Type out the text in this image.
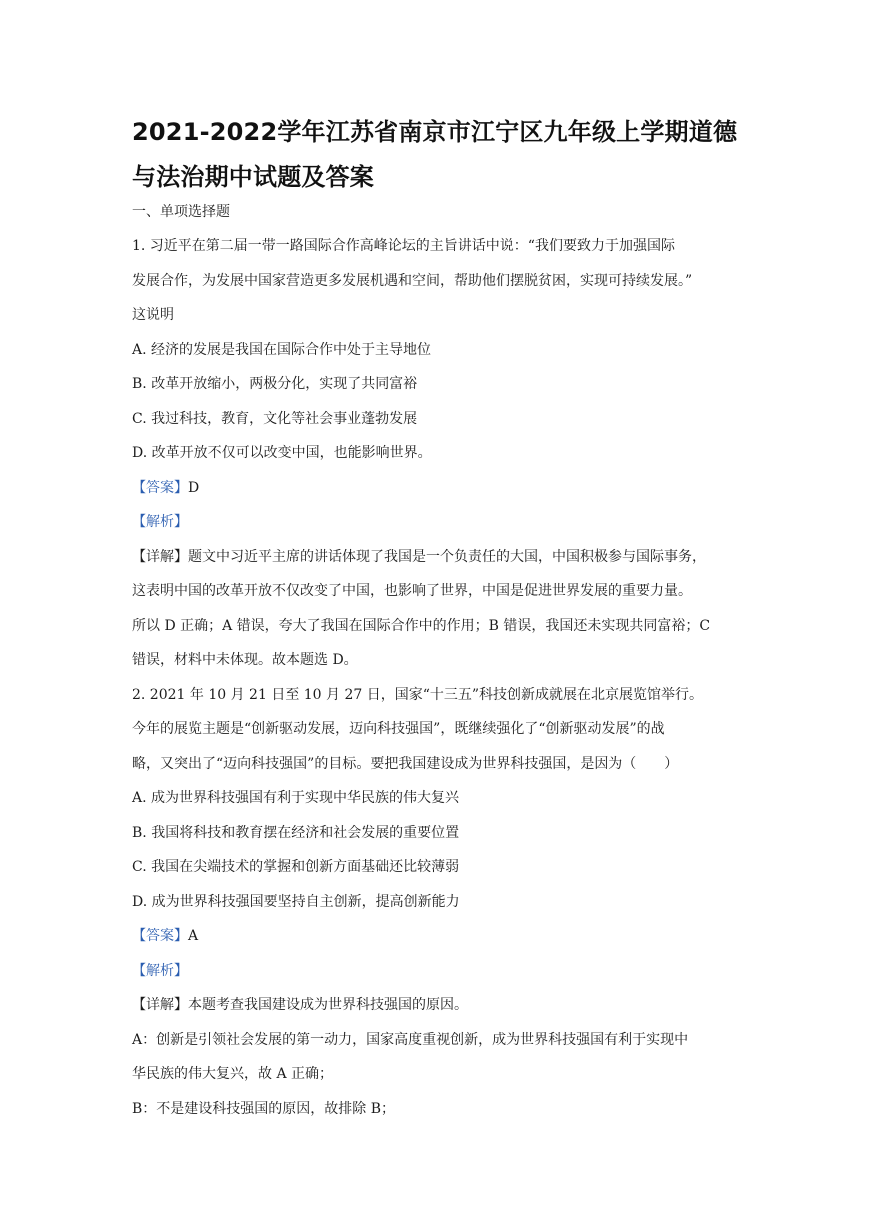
2021-2022学年江苏省南京市江宁区九年级上学期道德与法治期中试题及答案
一、单项选择题
1. 习近平在第二届一带一路国际合作高峰论坛的主旨讲话中说：“我们要致力于加强国际
发展合作，为发展中国家营造更多发展机遇和空间，帮助他们摆脱贫困，实现可持续发展。”
这说明
A. 经济的发展是我国在国际合作中处于主导地位
B. 改革开放缩小，两极分化，实现了共同富裕
C. 我过科技，教育，文化等社会事业蓬勃发展
D. 改革开放不仅可以改变中国，也能影响世界。
【答案】D
【解析】
【详解】题文中习近平主席的讲话体现了我国是一个负责任的大国，中国积极参与国际事务，
这表明中国的改革开放不仅改变了中国，也影响了世界，中国是促进世界发展的重要力量。
所以 D 正确；A 错误，夸大了我国在国际合作中的作用；B 错误，我国还未实现共同富裕；C
错误，材料中未体现。故本题选 D。
2. 2021 年 10 月 21 日至 10 月 27 日，国家“十三五”科技创新成就展在北京展览馆举行。
今年的展览主题是“创新驱动发展，迈向科技强国”，既继续强化了“创新驱动发展”的战
略，又突出了“迈向科技强国”的目标。要把我国建设成为世界科技强国，是因为（　　）
A. 成为世界科技强国有利于实现中华民族的伟大复兴
B. 我国将科技和教育摆在经济和社会发展的重要位置
C. 我国在尖端技术的掌握和创新方面基础还比较薄弱
D. 成为世界科技强国要坚持自主创新，提高创新能力
【答案】A
【解析】
【详解】本题考查我国建设成为世界科技强国的原因。
A：创新是引领社会发展的第一动力，国家高度重视创新，成为世界科技强国有利于实现中
华民族的伟大复兴，故 A 正确；
B：不是建设科技强国的原因，故排除 B；
